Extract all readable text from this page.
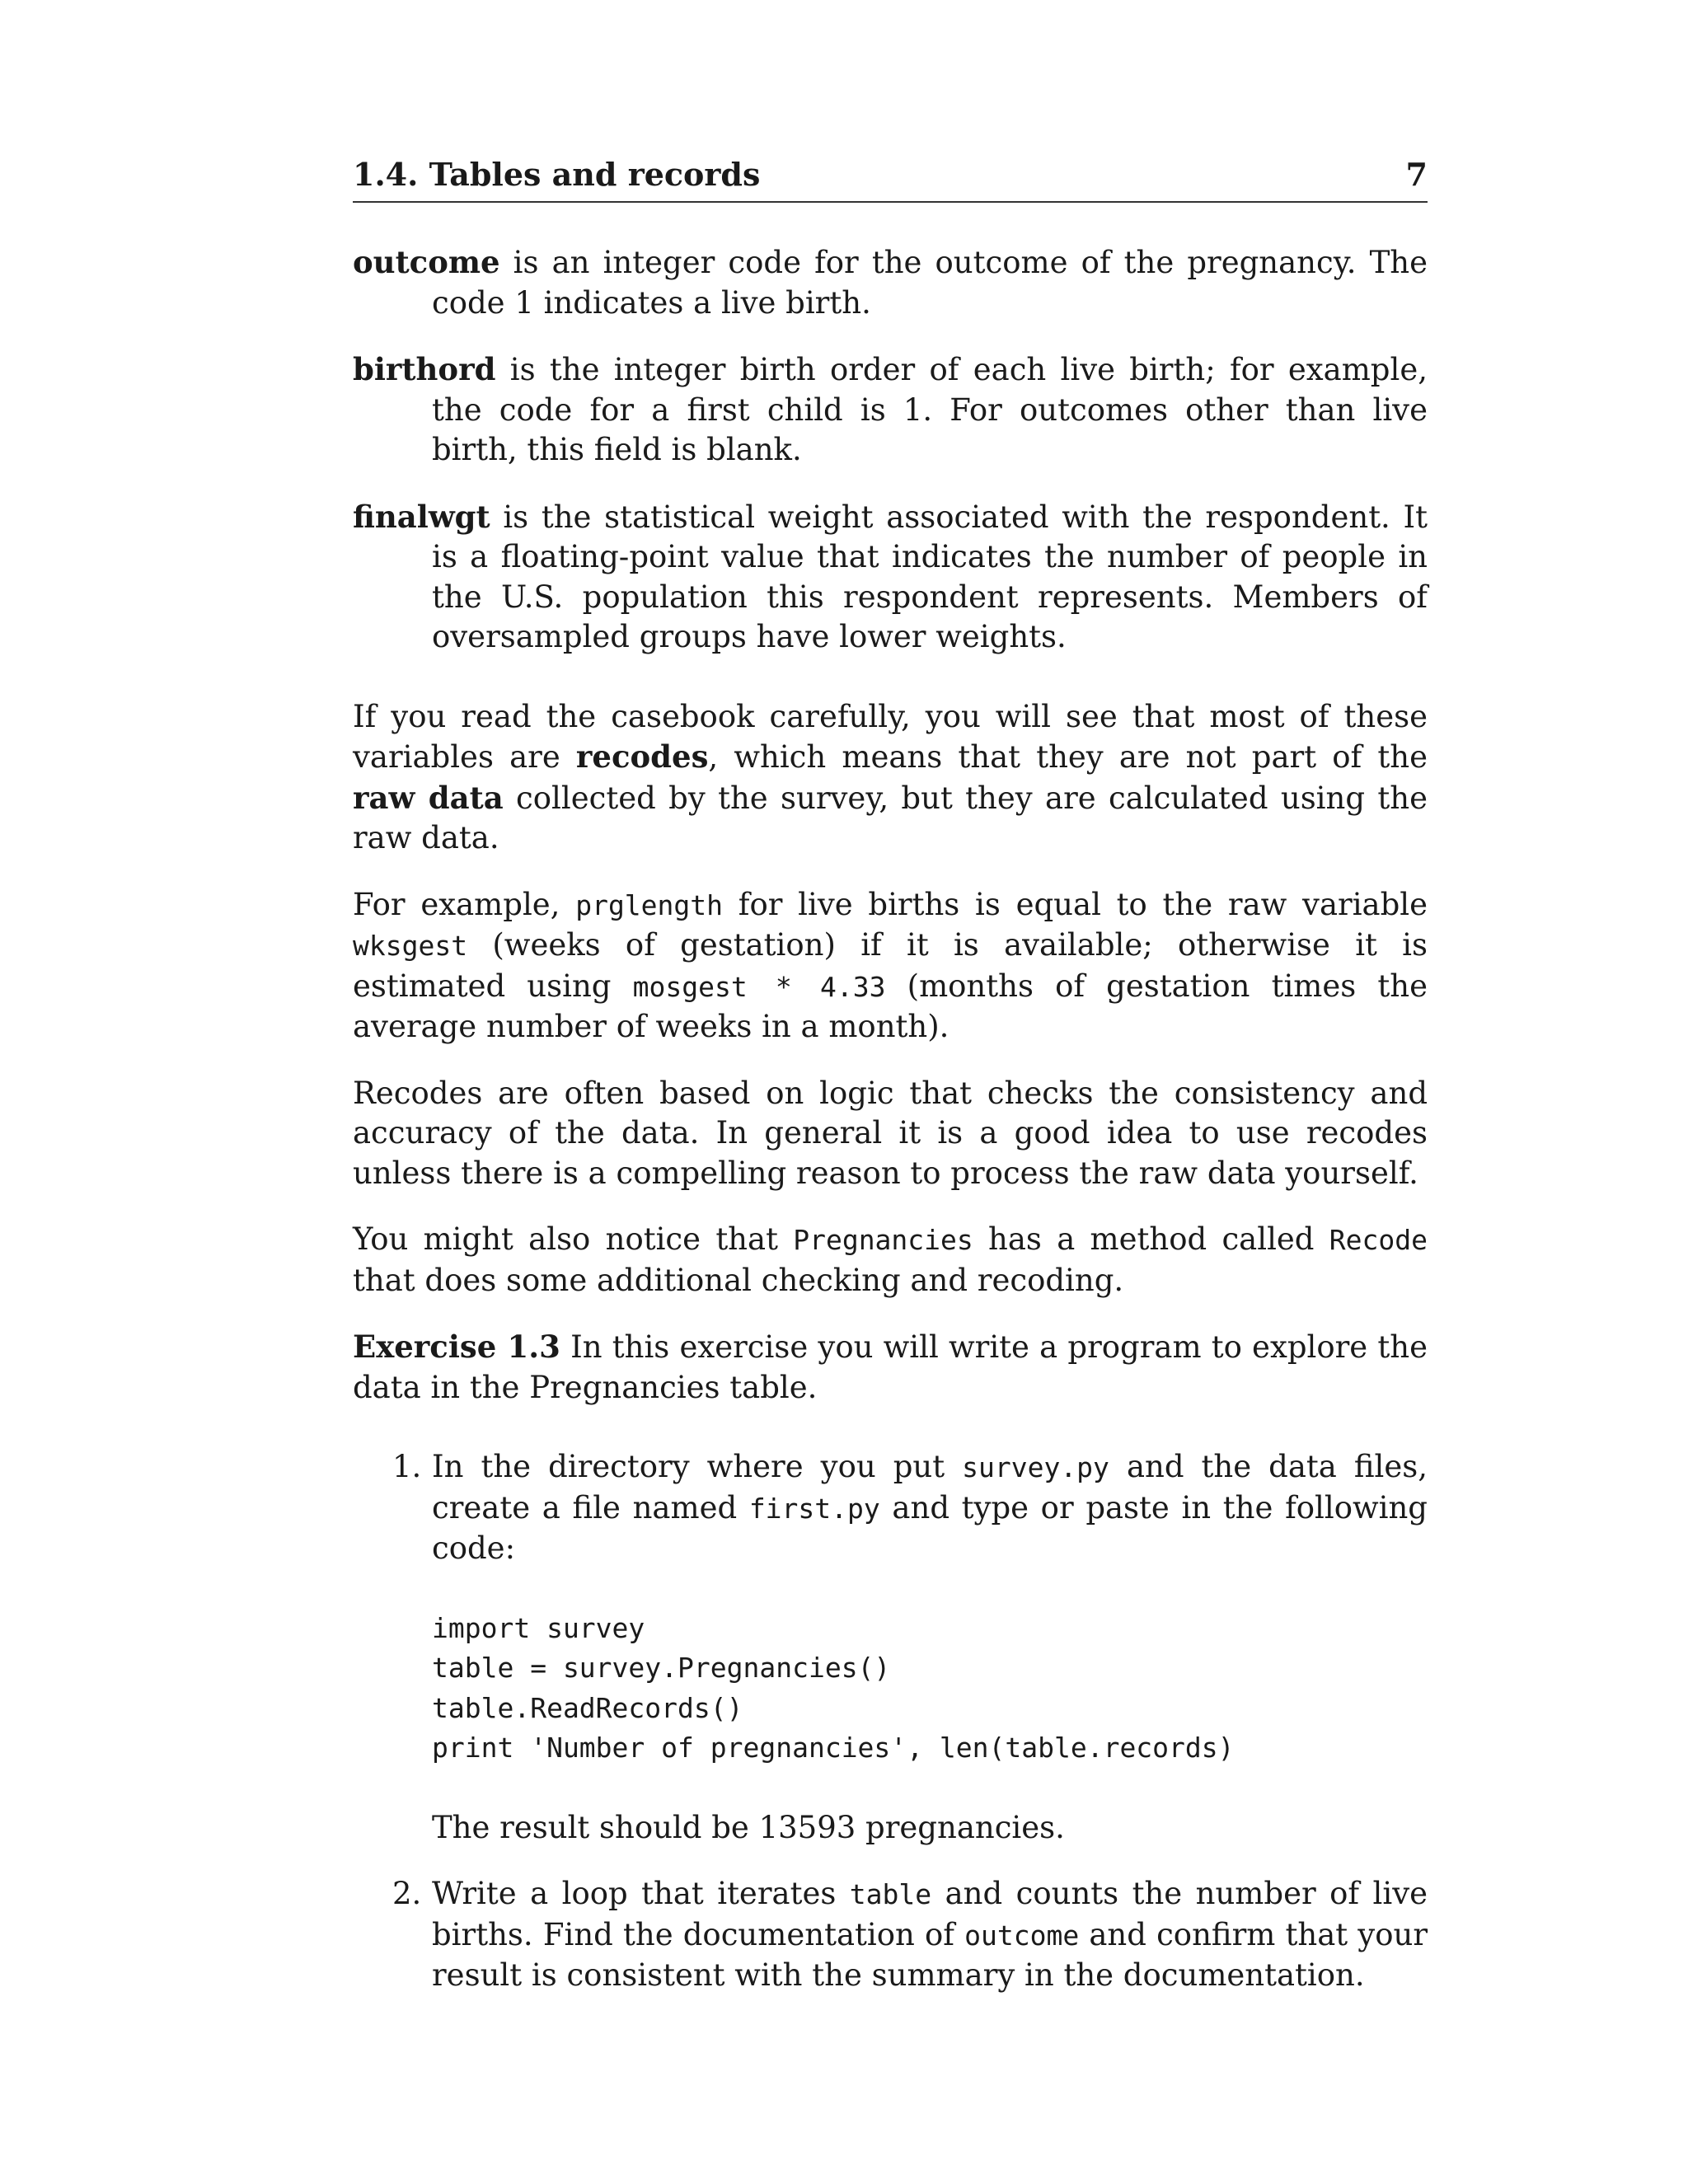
1.4. Tables and records	7

outcome is an integer code for the outcome of the pregnancy. The code 1 indicates a live birth.

birthord is the integer birth order of each live birth; for example, the code for a first child is 1. For outcomes other than live birth, this field is blank.

finalwgt is the statistical weight associated with the respondent. It is a floating-point value that indicates the number of people in the U.S. population this respondent represents. Members of oversampled groups have lower weights.

If you read the casebook carefully, you will see that most of these variables are recodes, which means that they are not part of the raw data collected by the survey, but they are calculated using the raw data.

For example, prglength for live births is equal to the raw variable wksgest (weeks of gestation) if it is available; otherwise it is estimated using mosgest * 4.33 (months of gestation times the average number of weeks in a month).

Recodes are often based on logic that checks the consistency and accuracy of the data. In general it is a good idea to use recodes unless there is a compelling reason to process the raw data yourself.

You might also notice that Pregnancies has a method called Recode that does some additional checking and recoding.

Exercise 1.3 In this exercise you will write a program to explore the data in the Pregnancies table.

1. In the directory where you put survey.py and the data files, create a file named first.py and type or paste in the following code:
import survey
table = survey.Pregnancies()
table.ReadRecords()
print 'Number of pregnancies', len(table.records)
The result should be 13593 pregnancies.
2. Write a loop that iterates table and counts the number of live births. Find the documentation of outcome and confirm that your result is consistent with the summary in the documentation.
